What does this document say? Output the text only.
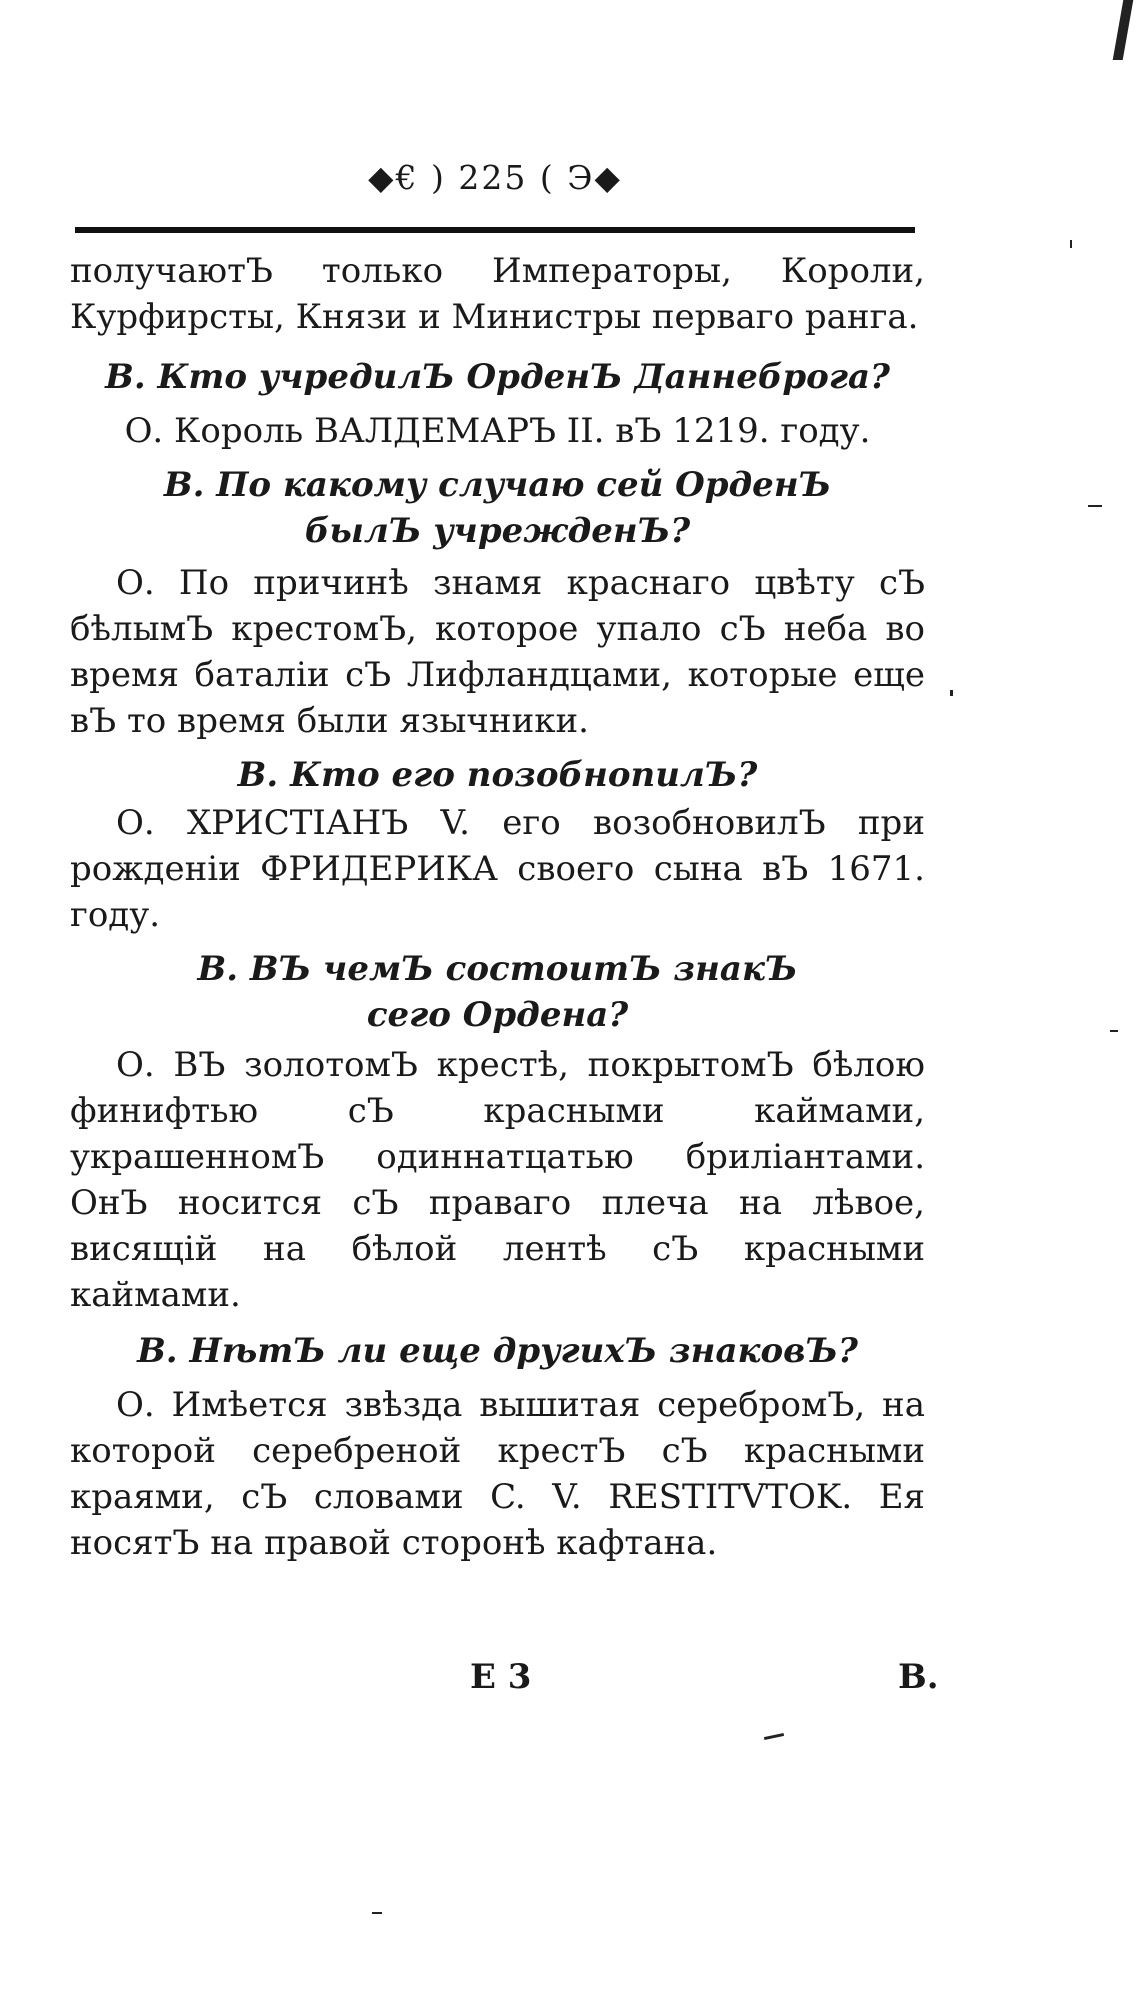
◆€ ) 225 ( Э◆

получаютЪ только Императоры, Короли, Курфирсты, Князи и Министры перваго ранга.

В. Кто учредилЪ ОрденЪ Даннеброга?

О. Король ВАЛДЕМАРЪ II. вЪ 1219. году.

В. По какому случаю сей ОрденЪ былЪ учрежденЪ?

О. По причинѣ знамя краснаго цвѣту сЪ бѣлымЪ крестомЪ, которое упало сЪ неба во время баталіи сЪ Лифландцами, которые еще вЪ то время были язычники.

В. Кто его позобнопилЪ?

О. ХРИСТІАНЪ V. его возобновилЪ при рожденіи ФРИДЕРИКА своего сына вЪ 1671. году.

В. ВЪ чемЪ состоитЪ знакЪ сего Ордена?

О. ВЪ золотомЪ крестѣ, покрытомЪ бѣлою финифтью сЪ красными каймами, украшенномЪ одиннатцатью бриліантами. ОнЪ носится сЪ праваго плеча на лѣвое, висящій на бѣлой лентѣ сЪ красными каймами.

В. НѣтЪ ли еще другихЪ знаковЪ?

О. Имѣется звѣзда вышитая серебромЪ, на которой серебреной крестЪ сЪ красными краями, сЪ словами C. V. RESTITVTOK. Ея носятЪ на правой сторонѣ кафтана.

Е 3	В.
